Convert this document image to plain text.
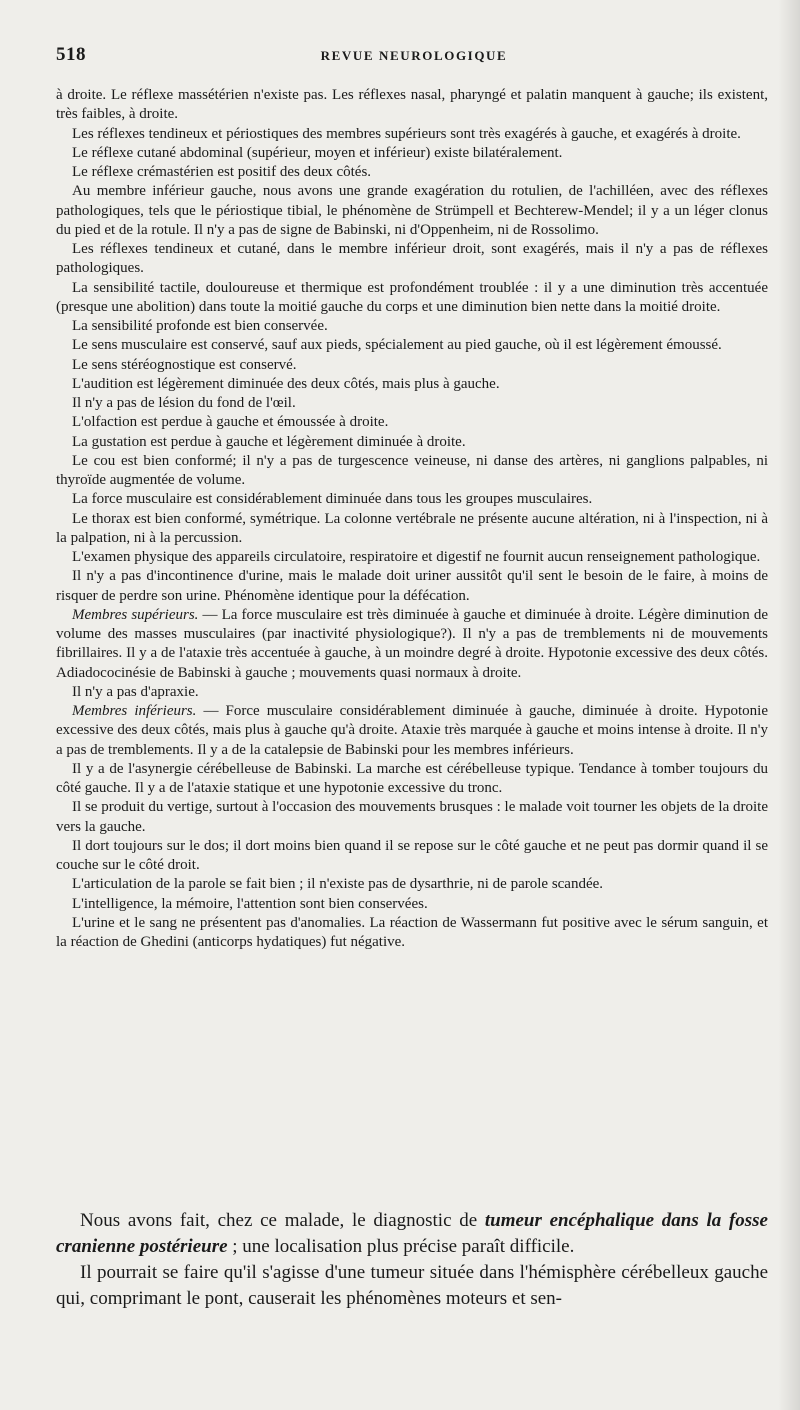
518	REVUE NEUROLOGIQUE

à droite. Le réflexe massétérien n'existe pas. Les réflexes nasal, pharyngé et palatin manquent à gauche; ils existent, très faibles, à droite.

Les réflexes tendineux et périostiques des membres supérieurs sont très exagérés à gauche, et exagérés à droite.

Le réflexe cutané abdominal (supérieur, moyen et inférieur) existe bilatéralement.

Le réflexe crémastérien est positif des deux côtés.

Au membre inférieur gauche, nous avons une grande exagération du rotulien, de l'achilléen, avec des réflexes pathologiques, tels que le périostique tibial, le phénomène de Strümpell et Bechterew-Mendel; il y a un léger clonus du pied et de la rotule. Il n'y a pas de signe de Babinski, ni d'Oppenheim, ni de Rossolimo.

Les réflexes tendineux et cutané, dans le membre inférieur droit, sont exagérés, mais il n'y a pas de réflexes pathologiques.

La sensibilité tactile, douloureuse et thermique est profondément troublée : il y a une diminution très accentuée (presque une abolition) dans toute la moitié gauche du corps et une diminution bien nette dans la moitié droite.

La sensibilité profonde est bien conservée.

Le sens musculaire est conservé, sauf aux pieds, spécialement au pied gauche, où il est légèrement émoussé.

Le sens stéréognostique est conservé.

L'audition est légèrement diminuée des deux côtés, mais plus à gauche.

Il n'y a pas de lésion du fond de l'œil.

L'olfaction est perdue à gauche et émoussée à droite.

La gustation est perdue à gauche et légèrement diminuée à droite.

Le cou est bien conformé; il n'y a pas de turgescence veineuse, ni danse des artères, ni ganglions palpables, ni thyroïde augmentée de volume.

La force musculaire est considérablement diminuée dans tous les groupes musculaires.

Le thorax est bien conformé, symétrique. La colonne vertébrale ne présente aucune altération, ni à l'inspection, ni à la palpation, ni à la percussion.

L'examen physique des appareils circulatoire, respiratoire et digestif ne fournit aucun renseignement pathologique.

Il n'y a pas d'incontinence d'urine, mais le malade doit uriner aussitôt qu'il sent le besoin de le faire, à moins de risquer de perdre son urine. Phénomène identique pour la défécation.

Membres supérieurs. — La force musculaire est très diminuée à gauche et diminuée à droite. Légère diminution de volume des masses musculaires (par inactivité physiologique?). Il n'y a pas de tremblements ni de mouvements fibrillaires. Il y a de l'ataxie très accentuée à gauche, à un moindre degré à droite. Hypotonie excessive des deux côtés. Adiadococinésie de Babinski à gauche ; mouvements quasi normaux à droite.

Il n'y a pas d'apraxie.

Membres inférieurs. — Force musculaire considérablement diminuée à gauche, diminuée à droite. Hypotonie excessive des deux côtés, mais plus à gauche qu'à droite. Ataxie très marquée à gauche et moins intense à droite. Il n'y a pas de tremblements. Il y a de la catalepsie de Babinski pour les membres inférieurs.

Il y a de l'asynergie cérébelleuse de Babinski. La marche est cérébelleuse typique. Tendance à tomber toujours du côté gauche. Il y a de l'ataxie statique et une hypotonie excessive du tronc.

Il se produit du vertige, surtout à l'occasion des mouvements brusques : le malade voit tourner les objets de la droite vers la gauche.

Il dort toujours sur le dos; il dort moins bien quand il se repose sur le côté gauche et ne peut pas dormir quand il se couche sur le côté droit.

L'articulation de la parole se fait bien ; il n'existe pas de dysarthrie, ni de parole scandée.

L'intelligence, la mémoire, l'attention sont bien conservées.

L'urine et le sang ne présentent pas d'anomalies. La réaction de Wassermann fut positive avec le sérum sanguin, et la réaction de Ghedini (anticorps hydatiques) fut négative.

Nous avons fait, chez ce malade, le diagnostic de tumeur encéphalique dans la fosse cranienne postérieure ; une localisation plus précise paraît difficile.

Il pourrait se faire qu'il s'agisse d'une tumeur située dans l'hémisphère cérébelleux gauche qui, comprimant le pont, causerait les phénomènes moteurs et sen-
